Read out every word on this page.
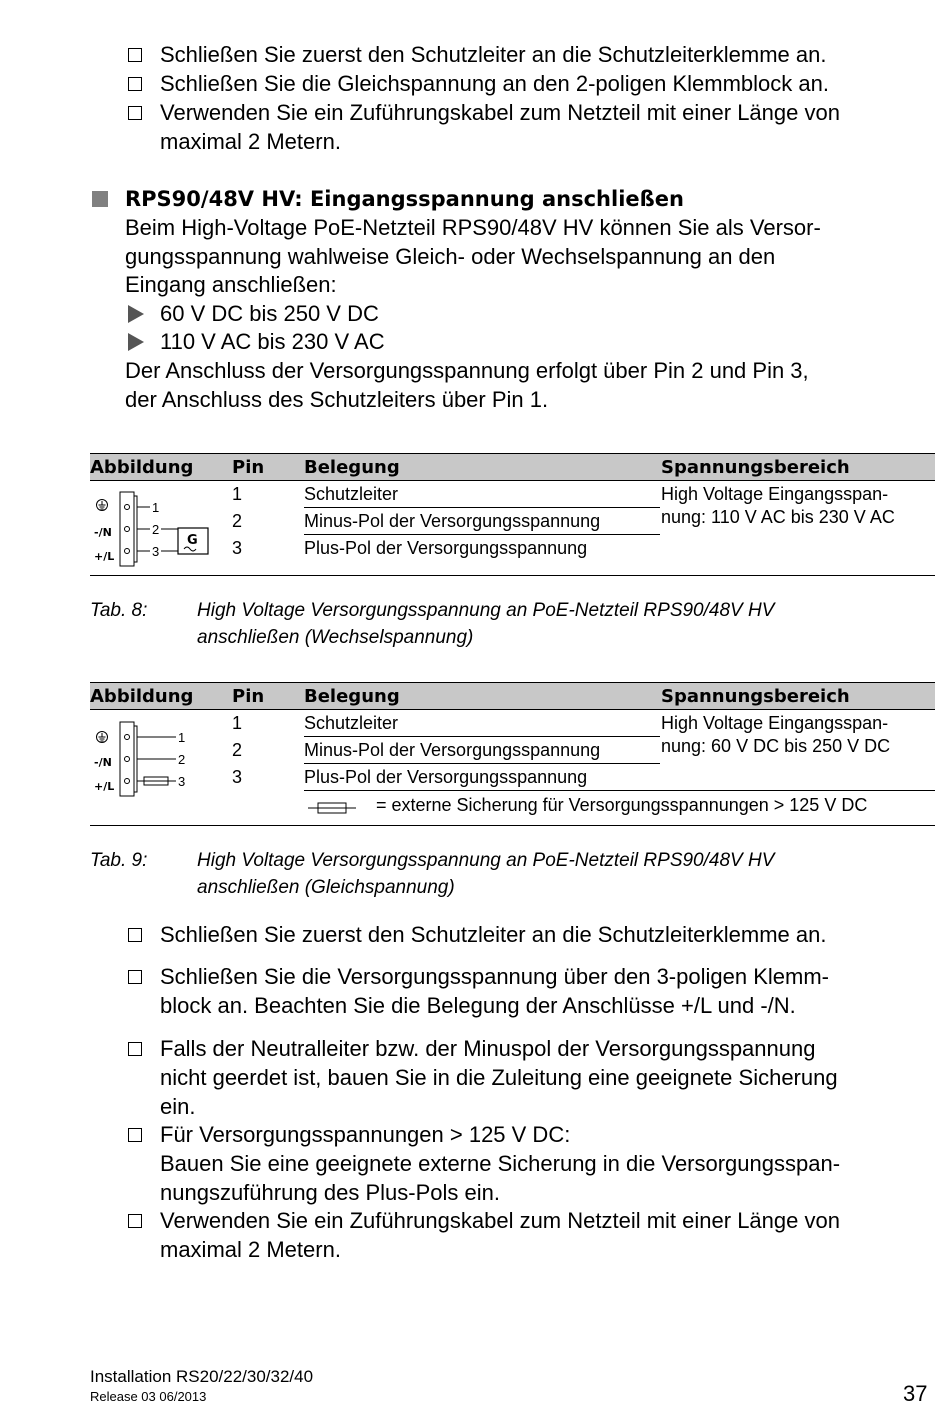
Schließen Sie zuerst den Schutzleiter an die Schutzleiterklemme an.
Schließen Sie die Gleichspannung an den 2-poligen Klemmblock an.
Verwenden Sie ein Zuführungskabel zum Netzteil mit einer Länge von
maximal 2 Metern.
RPS90/48V HV: Eingangsspannung anschließen
Beim High-Voltage PoE-Netzteil RPS90/48V HV können Sie als Versor-
gungsspannung wahlweise Gleich- oder Wechselspannung an den
Eingang anschließen:
60 V DC bis 250 V DC
110 V AC bis 230 V AC
Der Anschluss der Versorgungsspannung erfolgt über Pin 2 und Pin 3,
der Anschluss des Schutzleiters über Pin 1.
Abbildung Pin Belegung	Spannungsbereich
1	Schutzleiter
2	Minus-Pol der Versorgungsspannung
3	Plus-Pol der Versorgungsspannung
High Voltage Eingangsspan-
nung: 110 V AC bis 230 V AC
-/N
+/L
1
2
3
G
Tab. 8:	High Voltage Versorgungsspannung an PoE-Netzteil RPS90/48V HV
anschließen (Wechselspannung)
Abbildung Pin Belegung	Spannungsbereich
1	Schutzleiter
2	Minus-Pol der Versorgungsspannung
3	Plus-Pol der Versorgungsspannung
High Voltage Eingangsspan-
nung: 60 V DC bis 250 V DC
= externe Sicherung für Versorgungsspannungen > 125 V DC
-/N
+/L
1
2
3
Tab. 9:	High Voltage Versorgungsspannung an PoE-Netzteil RPS90/48V HV
anschließen (Gleichspannung)
Schließen Sie zuerst den Schutzleiter an die Schutzleiterklemme an.
Schließen Sie die Versorgungsspannung über den 3-poligen Klemm-
block an. Beachten Sie die Belegung der Anschlüsse +/L und -/N.
Falls der Neutralleiter bzw. der Minuspol der Versorgungsspannung
nicht geerdet ist, bauen Sie in die Zuleitung eine geeignete Sicherung
ein.
Für Versorgungsspannungen > 125 V DC:
Bauen Sie eine geeignete externe Sicherung in die Versorgungsspan-
nungszuführung des Plus-Pols ein.
Verwenden Sie ein Zuführungskabel zum Netzteil mit einer Länge von
maximal 2 Metern.
Installation RS20/22/30/32/40
Release 03 06/2013	37
